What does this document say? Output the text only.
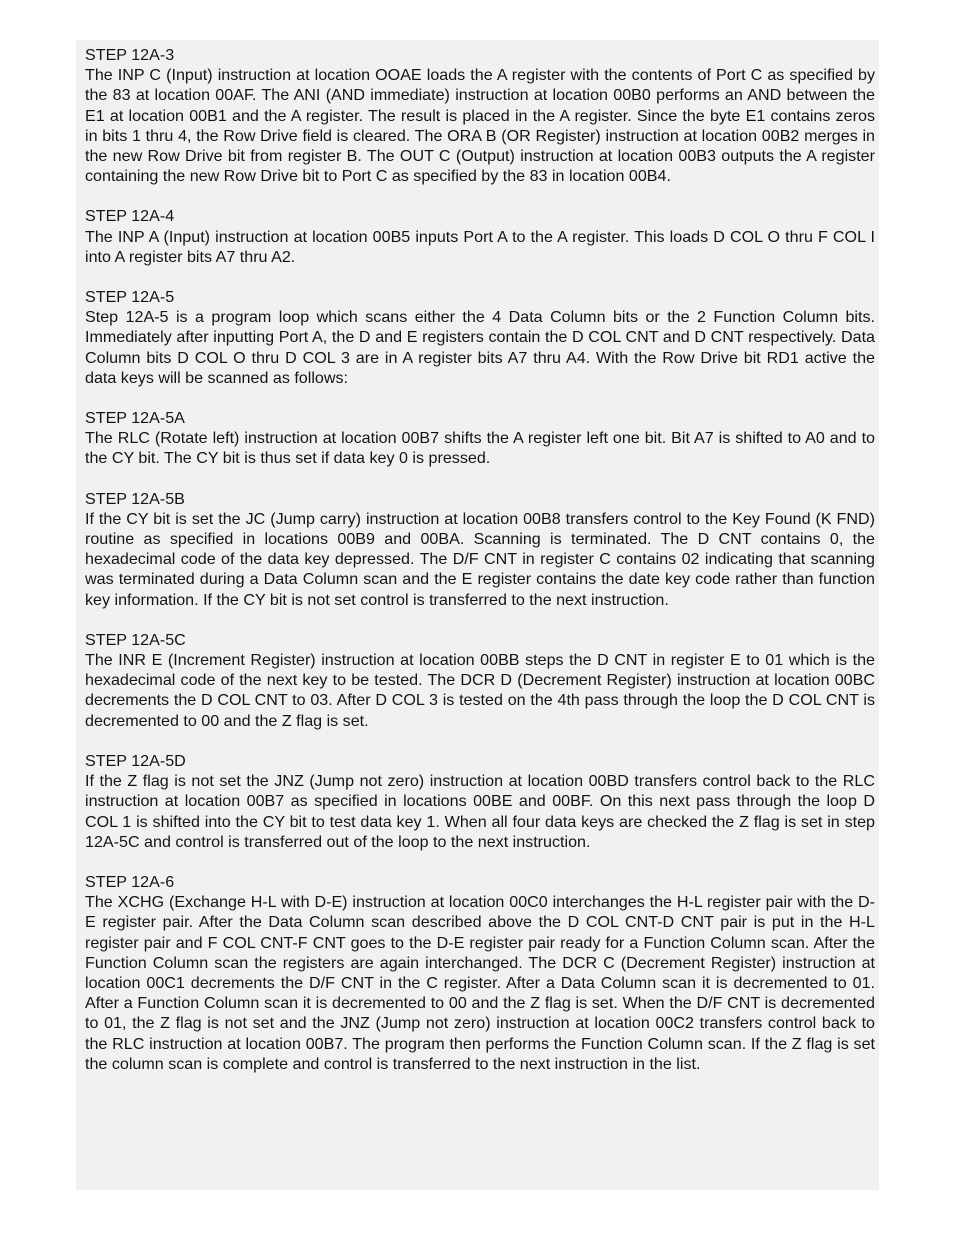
STEP 12A-3

The INP C (Input) instruction at location OOAE loads the A register with the contents of Port C as specified by the 83 at location 00AF. The ANI (AND immediate) instruction at location 00B0 performs an AND between the E1 at location 00B1 and the A register. The result is placed in the A register. Since the byte E1 contains zeros in bits 1 thru 4, the Row Drive field is cleared. The ORA B (OR Register) instruction at location 00B2 merges in the new Row Drive bit from register B. The OUT C (Output) instruction at location 00B3 outputs the A register containing the new Row Drive bit to Port C as specified by the 83 in location 00B4.

STEP 12A-4

The INP A (Input) instruction at location 00B5 inputs Port A to the A register. This loads D COL O thru F COL I into A register bits A7 thru A2.

STEP 12A-5

Step 12A-5 is a program loop which scans either the 4 Data Column bits or the 2 Function Column bits. Immediately after inputting Port A, the D and E registers contain the D COL CNT and D CNT respectively. Data Column bits D COL O thru D COL 3 are in A register bits A7 thru A4. With the Row Drive bit RD1 active the data keys will be scanned as follows:

STEP 12A-5A

The RLC (Rotate left) instruction at location 00B7 shifts the A register left one bit. Bit A7 is shifted to A0 and to the CY bit. The CY bit is thus set if data key 0 is pressed.

STEP 12A-5B

If the CY bit is set the JC (Jump carry) instruction at location 00B8 transfers control to the Key Found (K FND) routine as specified in locations 00B9 and 00BA. Scanning is terminated. The D CNT contains 0, the hexadecimal code of the data key depressed. The D/F CNT in register C contains 02 indicating that scanning was terminated during a Data Column scan and the E register contains the date key code rather than function key information. If the CY bit is not set control is transferred to the next instruction.

STEP 12A-5C

The INR E (Increment Register) instruction at location 00BB steps the D CNT in register E to 01 which is the hexadecimal code of the next key to be tested. The DCR D (Decrement Register) instruction at location 00BC decrements the D COL CNT to 03. After D COL 3 is tested on the 4th pass through the loop the D COL CNT is decremented to 00 and the Z flag is set.

STEP 12A-5D

If the Z flag is not set the JNZ (Jump not zero) instruction at location 00BD transfers control back to the RLC instruction at location 00B7 as specified in locations 00BE and 00BF. On this next pass through the loop D COL 1 is shifted into the CY bit to test data key 1. When all four data keys are checked the Z flag is set in step 12A-5C and control is transferred out of the loop to the next instruction.

STEP 12A-6

The XCHG (Exchange H-L with D-E) instruction at location 00C0 interchanges the H-L register pair with the D-E register pair. After the Data Column scan described above the D COL CNT-D CNT pair is put in the H-L register pair and F COL CNT-F CNT goes to the D-E register pair ready for a Function Column scan. After the Function Column scan the registers are again interchanged. The DCR C (Decrement Register) instruction at location 00C1 decrements the D/F CNT in the C register. After a Data Column scan it is decremented to 01. After a Function Column scan it is decremented to 00 and the Z flag is set. When the D/F CNT is decremented to 01, the Z flag is not set and the JNZ (Jump not zero) instruction at location 00C2 transfers control back to the RLC instruction at location 00B7. The program then performs the Function Column scan. If the Z flag is set the column scan is complete and control is transferred to the next instruction in the list.
